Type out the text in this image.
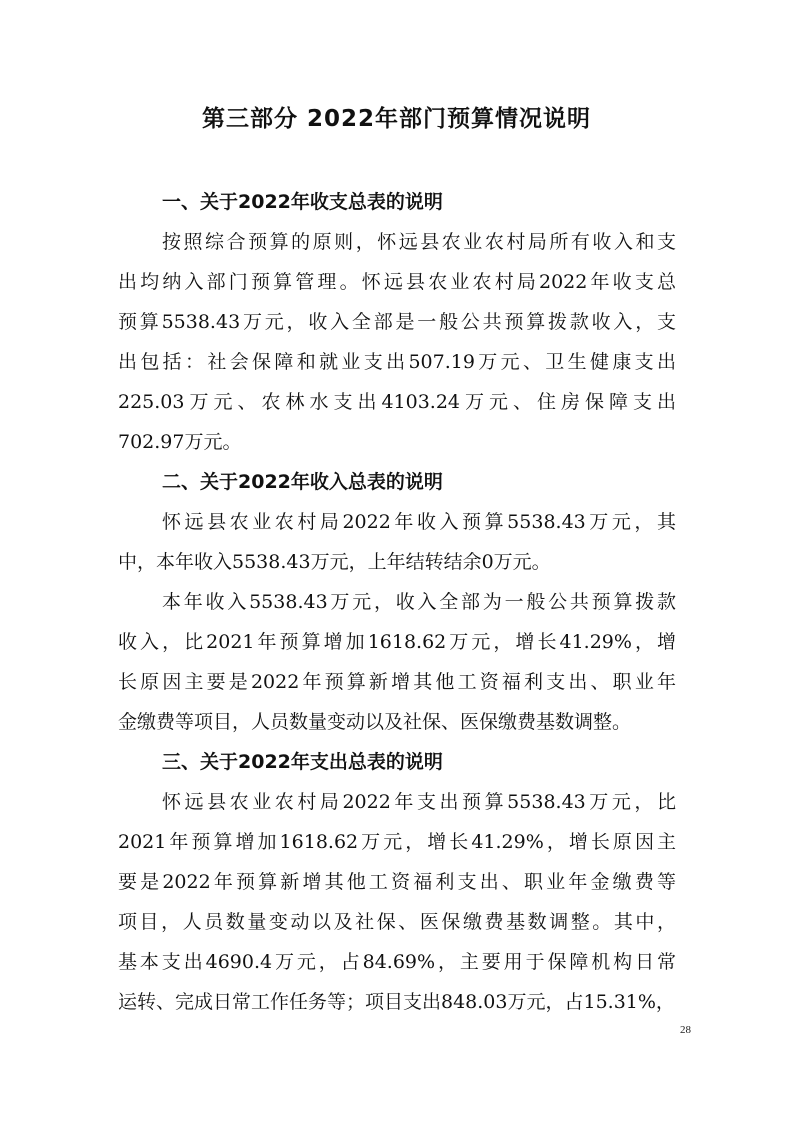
第三部分 2022年部门预算情况说明
一、关于2022年收支总表的说明
按照综合预算的原则，怀远县农业农村局所有收入和支
出均纳入部门预算管理。怀远县农业农村局2022年收支总
预算5538.43万元，收入全部是一般公共预算拨款收入，支
出包括：社会保障和就业支出507.19万元、卫生健康支出
225.03万元、农林水支出4103.24万元、住房保障支出
702.97万元。
二、关于2022年收入总表的说明
怀远县农业农村局2022年收入预算5538.43万元，其
中，本年收入5538.43万元，上年结转结余0万元。
本年收入5538.43万元，收入全部为一般公共预算拨款
收入，比2021年预算增加1618.62万元，增长41.29%，增
长原因主要是2022年预算新增其他工资福利支出、职业年
金缴费等项目，人员数量变动以及社保、医保缴费基数调整。
三、关于2022年支出总表的说明
怀远县农业农村局2022年支出预算5538.43万元，比
2021年预算增加1618.62万元，增长41.29%，增长原因主
要是2022年预算新增其他工资福利支出、职业年金缴费等
项目，人员数量变动以及社保、医保缴费基数调整。其中，
基本支出4690.4万元，占84.69%，主要用于保障机构日常
运转、完成日常工作任务等；项目支出848.03万元，占15.31%，
28
